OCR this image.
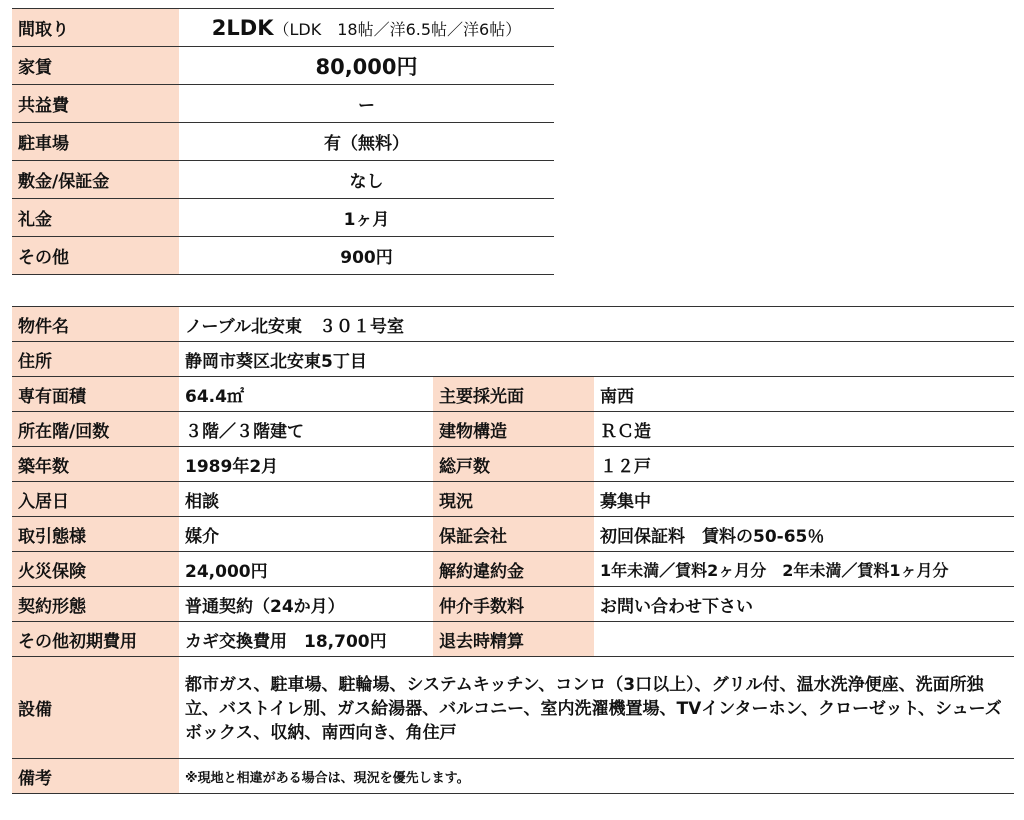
間取り	2LDK（LDK　18帖／洋6.5帖／洋6帖）
家賃	80,000円
共益費	ー
駐車場	有（無料）
敷金/保証金	なし
礼金	1ヶ月
その他	900円
物件名	ノーブル北安東　３０１号室		
住所	静岡市葵区北安東5丁目		
専有面積	64.4㎡	主要採光面	南西
所在階/回数	３階／３階建て	建物構造	ＲＣ造
築年数	1989年2月	総戸数	１２戸
入居日	相談	現況	募集中
取引態様	媒介	保証会社	初回保証料　賃料の50-65％
火災保険	24,000円	解約違約金	1年未満／賃料2ヶ月分　2年未満／賃料1ヶ月分
契約形態	普通契約（24か月）	仲介手数料	お問い合わせ下さい
その他初期費用	カギ交換費用　18,700円	退去時精算	
設備	都市ガス、駐車場、駐輪場、システムキッチン、コンロ（3口以上）、グリル付、温水洗浄便座、洗面所独立、バストイレ別、ガス給湯器、バルコニー、室内洗濯機置場、TVインターホン、クローゼット、シューズボックス、収納、南西向き、角住戸		
備考	※現地と相違がある場合は、現況を優先します。		
